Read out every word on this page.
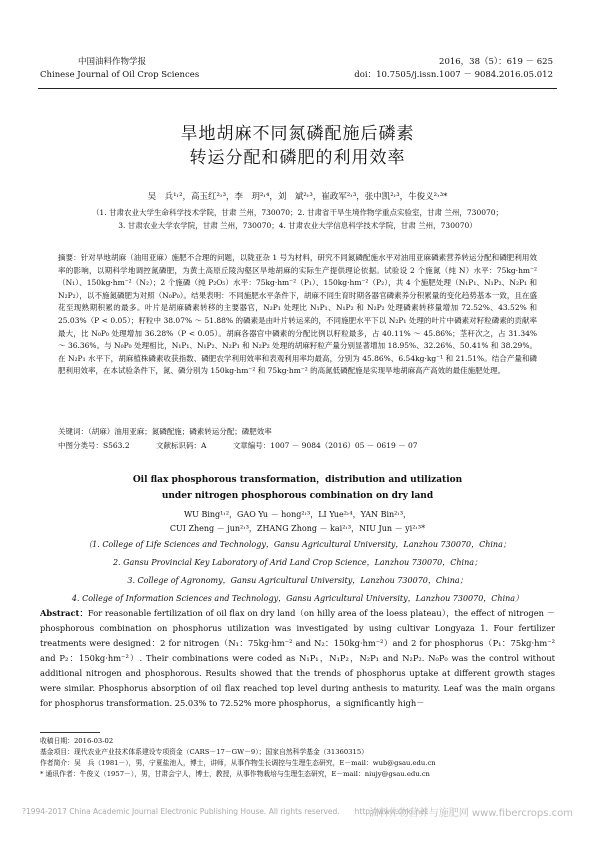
中国油料作物学报
Chinese Journal of Oil Crop Sciences
2016，38（5）：619 － 625
doi：10.7505/j.issn.1007 － 9084.2016.05.012
旱地胡麻不同氮磷配施后磷素
转运分配和磷肥的利用效率
吴　兵¹˒²，高玉红²˒³，李　玥²˒⁴，刘　斌²˒³，崔政军²˒³，张中凯²˒³，牛俊义²˒³*
（1. 甘肃农业大学生命科学技术学院，甘肃 兰州，730070；2. 甘肃省干旱生境作物学重点实验室，甘肃 兰州，730070；
3. 甘肃农业大学农学院，甘肃 兰州，730070；4. 甘肃农业大学信息科学技术学院，甘肃 兰州，730070）
摘要：针对旱地胡麻（油用亚麻）施肥不合理的问题，以陇亚杂 1 号为材料，研究不同氮磷配施水平对油用亚麻磷素营养转运分配和磷肥利用效率的影响，以期科学地调控氮磷肥，为黄土高原丘陵沟壑区旱地胡麻的实际生产提供理论依据。试验设 2 个施氮（纯 N）水平：75kg·hm⁻²（N₁）、150kg·hm⁻²（N₂）；2 个施磷（纯 P₂O₅）水平：75kg·hm⁻²（P₁）、150kg·hm⁻²（P₂），共 4 个施肥处理（N₁P₁、N₁P₂、N₂P₁ 和 N₂P₂），以不施氮磷肥为对照（N₀P₀）。结果表明：不同施肥水平条件下，胡麻不同生育时期各器官磷素养分积累量的变化趋势基本一致，且在盛花至现熟期积累的最多。叶片是胡麻磷素转移的主要器官，N₂P₁ 处理比 N₁P₁、N₁P₂ 和 N₂P₂ 处理磷素转移量增加 72.52%、43.52% 和 25.03%（P < 0.05）；籽粒中 38.07% ～ 51.88% 的磷素是由叶片转运来的，不同施肥水平下以 N₂P₁ 处理的叶片中磷素对籽粒磷素的贡献率最大，比 N₀P₀ 处理增加 36.28%（P < 0.05）。胡麻各器官中磷素的分配比例以籽粒最多，占 40.11% ～ 45.86%；茎秆次之，占 31.34% ～ 36.36%。与 N₀P₀ 处理相比，N₁P₁、N₁P₂、N₂P₁ 和 N₂P₂ 处理的胡麻籽粒产量分别显著增加 18.95%、32.26%、50.41% 和 38.29%。在 N₂P₁ 水平下，胡麻植株磷素收获指数、磷肥农学利用效率和表观利用率均最高，分别为 45.86%、6.54kg·kg⁻¹ 和 21.51%。结合产量和磷肥利用效率，在本试验条件下，氮、磷分别为 150kg·hm⁻² 和 75kg·hm⁻² 的高氮低磷配施是实现旱地胡麻高产高效的最佳施肥处理。
关键词：（胡麻）油用亚麻；氮磷配施；磷素转运分配；磷肥效率
中图分类号：S563.2	文献标识码：A	文章编号：1007 － 9084（2016）05 － 0619 － 07
Oil flax phosphorous transformation，distribution and utilization
under nitrogen phosphorous combination on dry land
WU Bing¹˒²，GAO Yu － hong²˒³，LI Yue²˒⁴，YAN Bin²˒³，
CUI Zheng － jun²˒³，ZHANG Zhong － kai²˒³，NIU Jun － yi²˒³*
（1. College of Life Sciences and Technology，Gansu Agricultural University，Lanzhou 730070，China；
2. Gansu Provincial Key Laboratory of Arid Land Crop Science，Lanzhou 730070，China；
3. College of Agronomy，Gansu Agricultural University，Lanzhou 730070，China；
4. College of Information Sciences and Technology，Gansu Agricultural University，Lanzhou 730070，China）
Abstract：For reasonable fertilization of oil flax on dry land（on hilly area of the loess plateau），the effect of nitrogen － phosphorous combination on phosphorus utilization was investigated by using cultivar Longyaza 1. Four fertilizer treatments were designed：2 for nitrogen（N₁：75kg·hm⁻² and N₂：150kg·hm⁻²）and 2 for phosphorus（P₁：75kg·hm⁻² and P₂：150kg·hm⁻²）. Their combinations were coded as N₁P₁，N₁P₂，N₂P₁ and N₂P₂. N₀P₀ was the control without additional nitrogen and phosphorous. Results showed that the trends of phosphorus uptake at different growth stages were similar. Phosphorus absorption of oil flax reached top level during anthesis to maturity. Leaf was the main organs for phosphorus transformation. 25.03% to 72.52% more phosphorus，a significantly high－
收稿日期：2016-03-02
基金项目：现代农业产业技术体系建设专项资金（CARS－17－GW－9）；国家自然科学基金（31360315）
作者简介：吴　兵（1981－），男，宁夏盐池人，博士，讲师，从事作物生长调控与生理生态研究，E－mail：wub@gsau.edu.cn
* 通讯作者：牛俊义（1957－），男，甘肃会宁人，博士，教授，从事作物栽培与生理生态研究，E－mail：niujy@gsau.edu.cn
?1994-2017 China Academic Journal Electronic Publishing House. All rights reserved.　　http://www.cnki.net
油料作物营养与施肥网 www.fibercrops.com
